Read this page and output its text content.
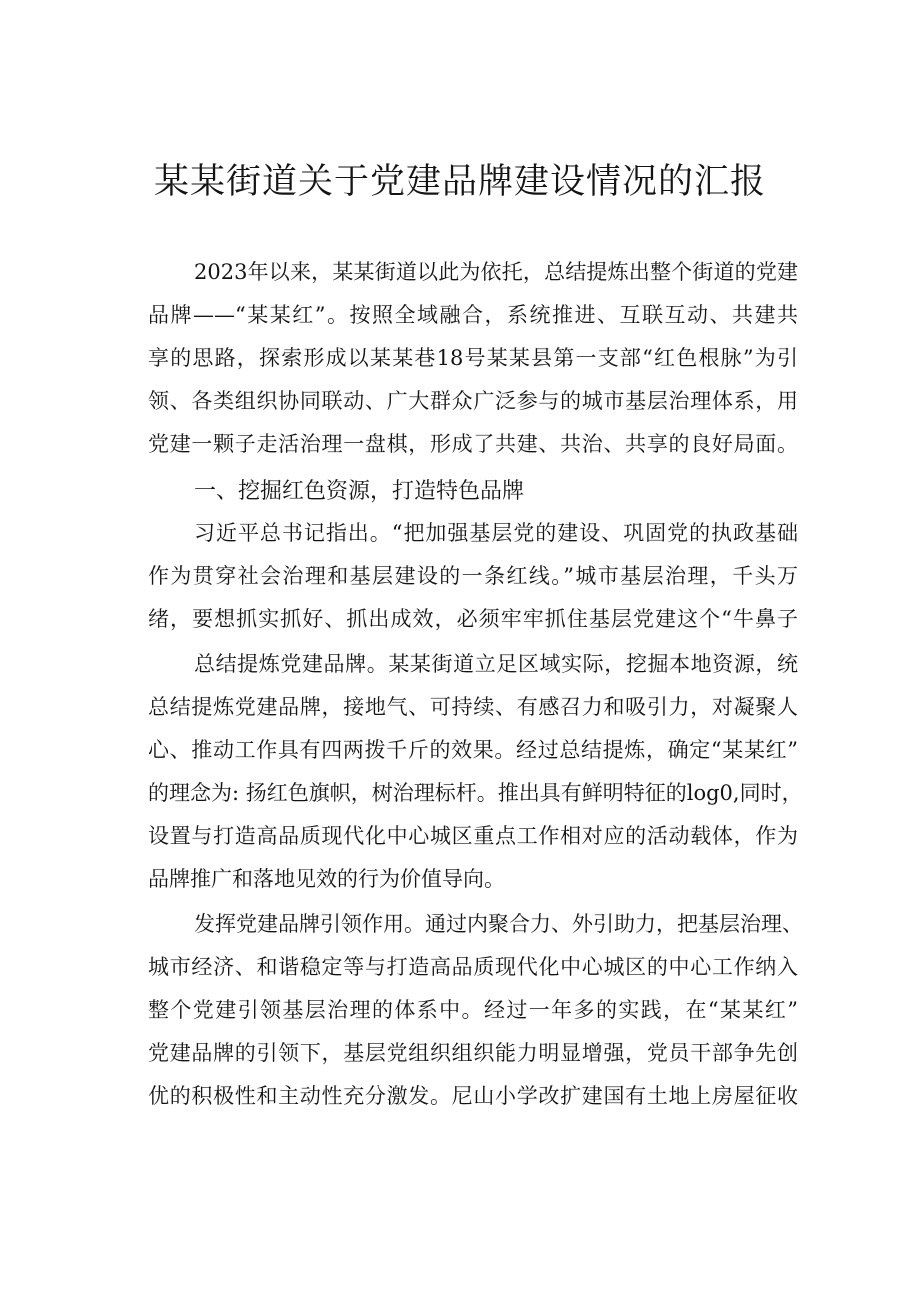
某某街道关于党建品牌建设情况的汇报
2023年以来，某某街道以此为依托，总结提炼出整个街道的党建
品牌——“某某红”。按照全域融合，系统推进、互联互动、共建共
享的思路，探索形成以某某巷18号某某县第一支部“红色根脉”为引
领、各类组织协同联动、广大群众广泛参与的城市基层治理体系，用
党建一颗子走活治理一盘棋，形成了共建、共治、共享的良好局面。
一、挖掘红色资源，打造特色品牌
习近平总书记指出。“把加强基层党的建设、巩固党的执政基础
作为贯穿社会治理和基层建设的一条红线。”城市基层治理，千头万
绪，要想抓实抓好、抓出成效，必须牢牢抓住基层党建这个“牛鼻子
总结提炼党建品牌。某某街道立足区域实际，挖掘本地资源，统
总结提炼党建品牌，接地气、可持续、有感召力和吸引力，对凝聚人
心、推动工作具有四两拨千斤的效果。经过总结提炼，确定“某某红”
的理念为: 扬红色旗帜，树治理标杆。推出具有鲜明特征的log0,同时，
设置与打造高品质现代化中心城区重点工作相对应的活动载体，作为
品牌推广和落地见效的行为价值导向。
发挥党建品牌引领作用。通过内聚合力、外引助力，把基层治理、
城市经济、和谐稳定等与打造高品质现代化中心城区的中心工作纳入
整个党建引领基层治理的体系中。经过一年多的实践，在“某某红”
党建品牌的引领下，基层党组织组织能力明显增强，党员干部争先创
优的积极性和主动性充分激发。尼山小学改扩建国有土地上房屋征收
